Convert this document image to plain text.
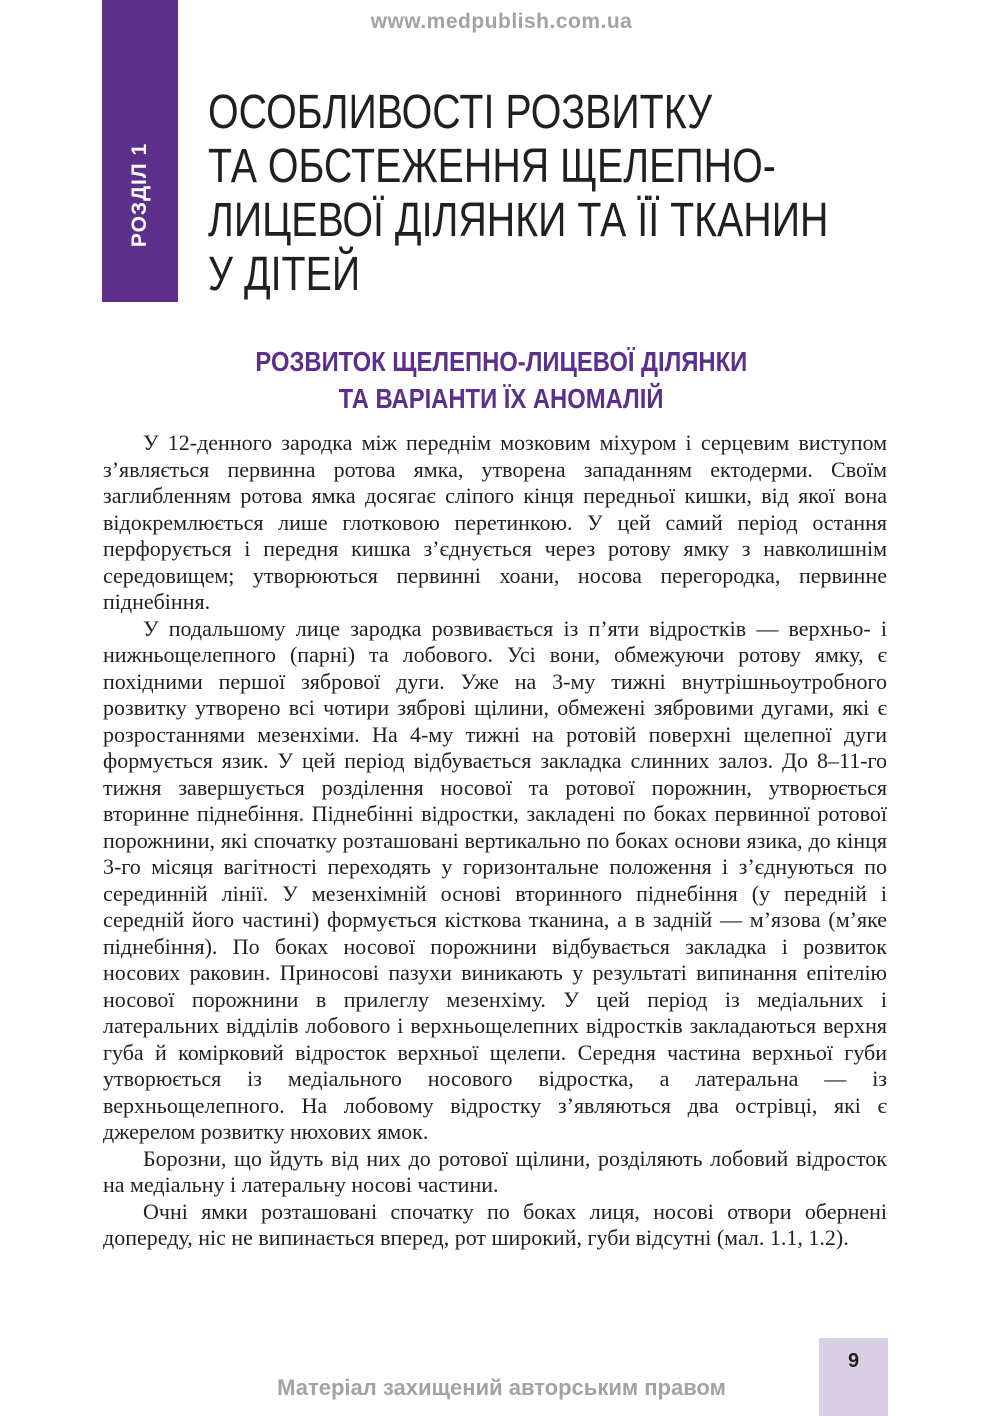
www.medpublish.com.ua
РОЗДІЛ 1
ОСОБЛИВОСТІ РОЗВИТКУ
ТА ОБСТЕЖЕННЯ ЩЕЛЕПНО-
ЛИЦЕВОЇ ДІЛЯНКИ ТА ЇЇ ТКАНИН
У ДІТЕЙ
РОЗВИТОК ЩЕЛЕПНО-ЛИЦЕВОЇ ДІЛЯНКИ
ТА ВАРІАНТИ ЇХ АНОМАЛІЙ

У 12-денного зародка між переднім мозковим міхуром і серцевим виступом з’являється первинна ротова ямка, утворена западанням ектодерми. Своїм заглибленням ротова ямка досягає сліпого кінця передньої кишки, від якої вона відокремлюється лише глотковою перетинкою. У цей самий період остання перфорується і передня кишка з’єднується через ротову ямку з навколишнім середовищем; утворюються первинні хоани, носова перегородка, первинне піднебіння.

У подальшому лице зародка розвивається із п’яти відростків — верхньо- і нижньощелепного (парні) та лобового. Усі вони, обмежуючи ротову ямку, є похідними першої зябрової дуги. Уже на 3-му тижні внутрішньоутробного розвитку утворено всі чотири зяброві щілини, обмежені зябровими дугами, які є розростаннями мезенхіми. На 4-му тижні на ротовій поверхні щелепної дуги формується язик. У цей період відбувається закладка слинних залоз. До 8–11-го тижня завершується розділення носової та ротової порожнин, утворюється вторинне піднебіння. Піднебінні відростки, закладені по боках первинної ротової порожнини, які спочатку розташовані вертикально по боках основи язика, до кінця 3-го місяця вагітності переходять у горизонтальне положення і з’єднуються по серединній лінії. У мезенхімній основі вторинного піднебіння (у передній і середній його частині) формується кісткова тканина, а в задній — м’язова (м’яке піднебіння). По боках носової порожнини відбувається закладка і розвиток носових раковин. Приносові пазухи виникають у результаті випинання епітелію носової порожнини в прилеглу мезенхіму. У цей період із медіальних і латеральних відділів лобового і верхньощелепних відростків закладаються верхня губа й комірковий відросток верхньої щелепи. Середня частина верхньої губи утворюється із медіального носового відростка, а латеральна — із верхньощелепного. На лобовому відростку з’являються два острівці, які є джерелом розвитку нюхових ямок.

Борозни, що йдуть від них до ротової щілини, розділяють лобовий відросток на медіальну і латеральну носові частини.

Очні ямки розташовані спочатку по боках лиця, носові отвори обернені допереду, ніс не випинається вперед, рот широкий, губи відсутні (мал. 1.1, 1.2).

9
Матеріал захищений авторським правом
